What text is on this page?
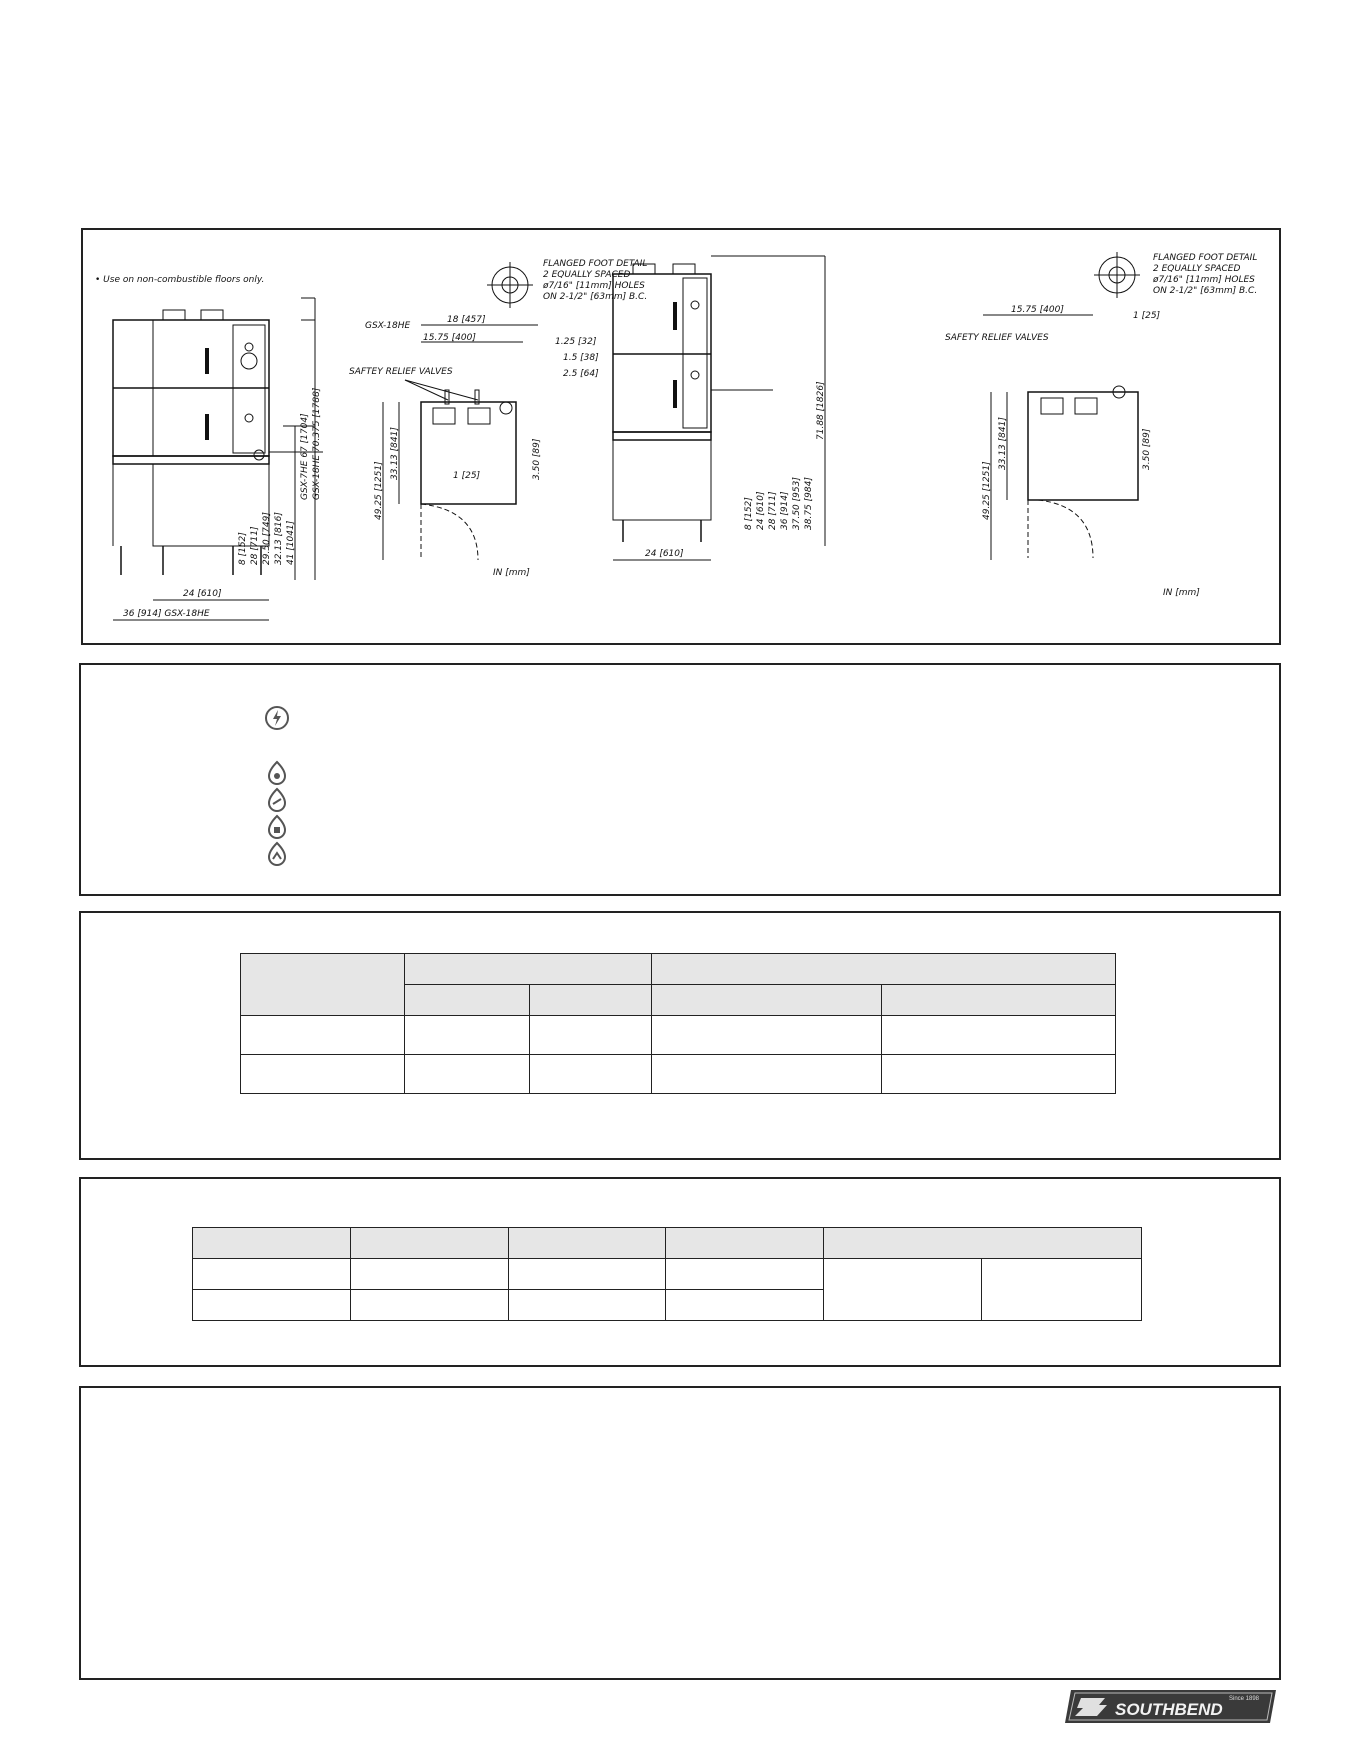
• Use on non-combustible floors only.
GSX-7HE 67 [1704] GSX-18HE 70.375 [1788]
41 [1041]
32.13 [816]
29.50 [749]
28 [711]
8 [152]
24 [610]
36 [914] GSX-18HE
FLANGED FOOT DETAIL
2 EQUALLY SPACED
ø7/16" [11mm] HOLES
ON 2-1/2" [63mm] B.C.
GSX-18HE
18 [457]
15.75 [400]	1.25 [32]
1.5 [38]
2.5 [64]
SAFTEY RELIEF VALVES
49.25 [1251]
33.13 [841]	1 [25]	3.50 [89]
IN [mm]
24 [610]
71.88 [1826]
38.75 [984]
37.50 [953]
36 [914]
28 [711]
24 [610]
8 [152]
FLANGED FOOT DETAIL
2 EQUALLY SPACED
ø7/16" [11mm] HOLES
ON 2-1/2" [63mm] B.C.
15.75 [400]
1 [25]
SAFETY RELIEF VALVES
49.25 [1251]
33.13 [841]	3.50 [89]
IN [mm]

SOUTHBEND
Since 1898
